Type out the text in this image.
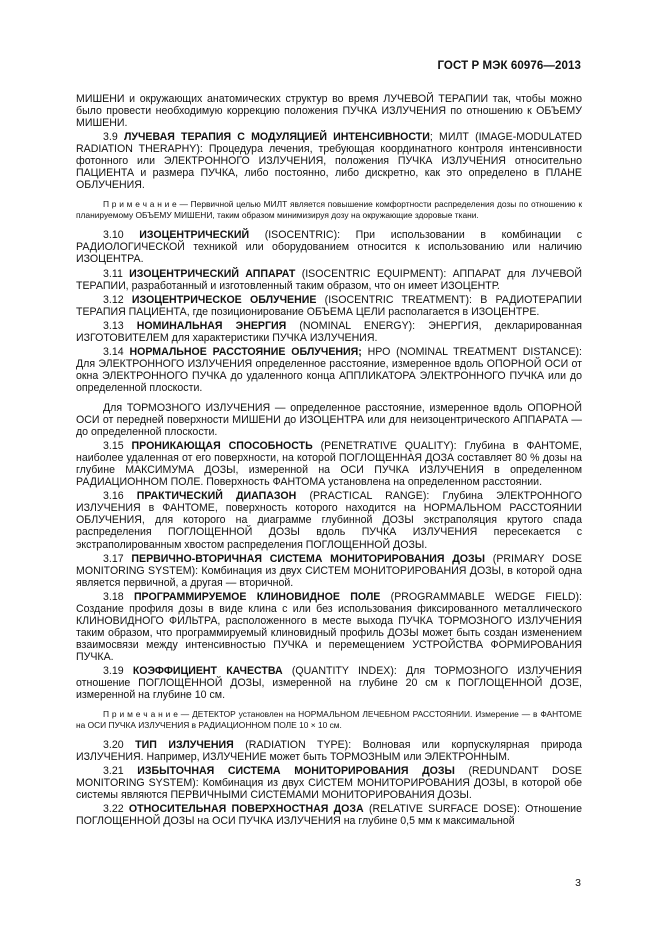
ГОСТ Р МЭК 60976—2013

МИШЕНИ и окружающих анатомических структур во время ЛУЧЕВОЙ ТЕРАПИИ так, чтобы можно было провести необходимую коррекцию положения ПУЧКА ИЗЛУЧЕНИЯ по отношению к ОБЪЕМУ МИШЕНИ.

3.9 ЛУЧЕВАЯ ТЕРАПИЯ С МОДУЛЯЦИЕЙ ИНТЕНСИВНОСТИ; МИЛТ (IMAGE-MODULATED RADIATION THERAPHY): Процедура лечения, требующая координатного контроля интенсивности фотонного или ЭЛЕКТРОННОГО ИЗЛУЧЕНИЯ, положения ПУЧКА ИЗЛУЧЕНИЯ относительно ПАЦИЕНТА и размера ПУЧКА, либо постоянно, либо дискретно, как это определено в ПЛАНЕ ОБЛУЧЕНИЯ.

П р и м е ч а н и е — Первичной целью МИЛТ является повышение комфортности распределения дозы по отношению к планируемому ОБЪЕМУ МИШЕНИ, таким образом минимизируя дозу на окружающие здоровые ткани.

3.10 ИЗОЦЕНТРИЧЕСКИЙ (ISOCENTRIC): При использовании в комбинации с РАДИОЛОГИЧЕСКОЙ техникой или оборудованием относится к использованию или наличию ИЗОЦЕНТРА.

3.11 ИЗОЦЕНТРИЧЕСКИЙ АППАРАТ (ISOCENTRIC EQUIPMENT): АППАРАТ для ЛУЧЕВОЙ ТЕРАПИИ, разработанный и изготовленный таким образом, что он имеет ИЗОЦЕНТР.

3.12 ИЗОЦЕНТРИЧЕСКОЕ ОБЛУЧЕНИЕ (ISOCENTRIC TREATMENT): В РАДИОТЕРАПИИ ТЕРАПИЯ ПАЦИЕНТА, где позиционирование ОБЪЕМА ЦЕЛИ располагается в ИЗОЦЕНТРЕ.

3.13 НОМИНАЛЬНАЯ ЭНЕРГИЯ (NOMINAL ENERGY): ЭНЕРГИЯ, декларированная ИЗГОТОВИТЕЛЕМ для характеристики ПУЧКА ИЗЛУЧЕНИЯ.

3.14 НОРМАЛЬНОЕ РАССТОЯНИЕ ОБЛУЧЕНИЯ; НРО (NOMINAL TREATMENT DISTANCE): Для ЭЛЕКТРОННОГО ИЗЛУЧЕНИЯ определенное расстояние, измеренное вдоль ОПОРНОЙ ОСИ от окна ЭЛЕКТРОННОГО ПУЧКА до удаленного конца АППЛИКАТОРА ЭЛЕКТРОННОГО ПУЧКА или до определенной плоскости.

Для ТОРМОЗНОГО ИЗЛУЧЕНИЯ — определенное расстояние, измеренное вдоль ОПОРНОЙ ОСИ от передней поверхности МИШЕНИ до ИЗОЦЕНТРА или для неизоцентрического АППАРАТА — до определенной плоскости.

3.15 ПРОНИКАЮЩАЯ СПОСОБНОСТЬ (PENETRATIVE QUALITY): Глубина в ФАНТОМЕ, наиболее удаленная от его поверхности, на которой ПОГЛОЩЕННАЯ ДОЗА составляет 80 % дозы на глубине МАКСИМУМА ДОЗЫ, измеренной на ОСИ ПУЧКА ИЗЛУЧЕНИЯ в определенном РАДИАЦИОННОМ ПОЛЕ. Поверхность ФАНТОМА установлена на определенном расстоянии.

3.16 ПРАКТИЧЕСКИЙ ДИАПАЗОН (PRACTICAL RANGE): Глубина ЭЛЕКТРОННОГО ИЗЛУЧЕНИЯ в ФАНТОМЕ, поверхность которого находится на НОРМАЛЬНОМ РАССТОЯНИИ ОБЛУЧЕНИЯ, для которого на диаграмме глубинной ДОЗЫ экстраполяция крутого спада распределения ПОГЛОЩЕННОЙ ДОЗЫ вдоль ПУЧКА ИЗЛУЧЕНИЯ пересекается с экстраполированным хвостом распределения ПОГЛОЩЕННОЙ ДОЗЫ.

3.17 ПЕРВИЧНО-ВТОРИЧНАЯ СИСТЕМА МОНИТОРИРОВАНИЯ ДОЗЫ (PRIMARY DOSE MONITORING SYSTEM): Комбинация из двух СИСТЕМ МОНИТОРИРОВАНИЯ ДОЗЫ, в которой одна является первичной, а другая — вторичной.

3.18 ПРОГРАММИРУЕМОЕ КЛИНОВИДНОЕ ПОЛЕ (PROGRAMMABLE WEDGE FIELD): Создание профиля дозы в виде клина с или без использования фиксированного металлического КЛИНОВИДНОГО ФИЛЬТРА, расположенного в месте выхода ПУЧКА ТОРМОЗНОГО ИЗЛУЧЕНИЯ таким образом, что программируемый клиновидный профиль ДОЗЫ может быть создан изменением взаимосвязи между интенсивностью ПУЧКА и перемещением УСТРОЙСТВА ФОРМИРОВАНИЯ ПУЧКА.

3.19 КОЭФФИЦИЕНТ КАЧЕСТВА (QUANTITY INDEX): Для ТОРМОЗНОГО ИЗЛУЧЕНИЯ отношение ПОГЛОЩЕННОЙ ДОЗЫ, измеренной на глубине 20 см к ПОГЛОЩЕННОЙ ДОЗЕ, измеренной на глубине 10 см.

П р и м е ч а н и е — ДЕТЕКТОР установлен на НОРМАЛЬНОМ ЛЕЧЕБНОМ РАССТОЯНИИ. Измерение — в ФАНТОМЕ на ОСИ ПУЧКА ИЗЛУЧЕНИЯ в РАДИАЦИОННОМ ПОЛЕ 10 × 10 см.

3.20 ТИП ИЗЛУЧЕНИЯ (RADIATION TYPE): Волновая или корпускулярная природа ИЗЛУЧЕНИЯ. Например, ИЗЛУЧЕНИЕ может быть ТОРМОЗНЫМ или ЭЛЕКТРОННЫМ.

3.21 ИЗБЫТОЧНАЯ СИСТЕМА МОНИТОРИРОВАНИЯ ДОЗЫ (REDUNDANT DOSE MONITORING SYSTEM): Комбинация из двух СИСТЕМ МОНИТОРИРОВАНИЯ ДОЗЫ, в которой обе системы являются ПЕРВИЧНЫМИ СИСТЕМАМИ МОНИТОРИРОВАНИЯ ДОЗЫ.

3.22 ОТНОСИТЕЛЬНАЯ ПОВЕРХНОСТНАЯ ДОЗА (RELATIVE SURFACE DOSE): Отношение ПОГЛОЩЕННОЙ ДОЗЫ на ОСИ ПУЧКА ИЗЛУЧЕНИЯ на глубине 0,5 мм к максимальной

3
